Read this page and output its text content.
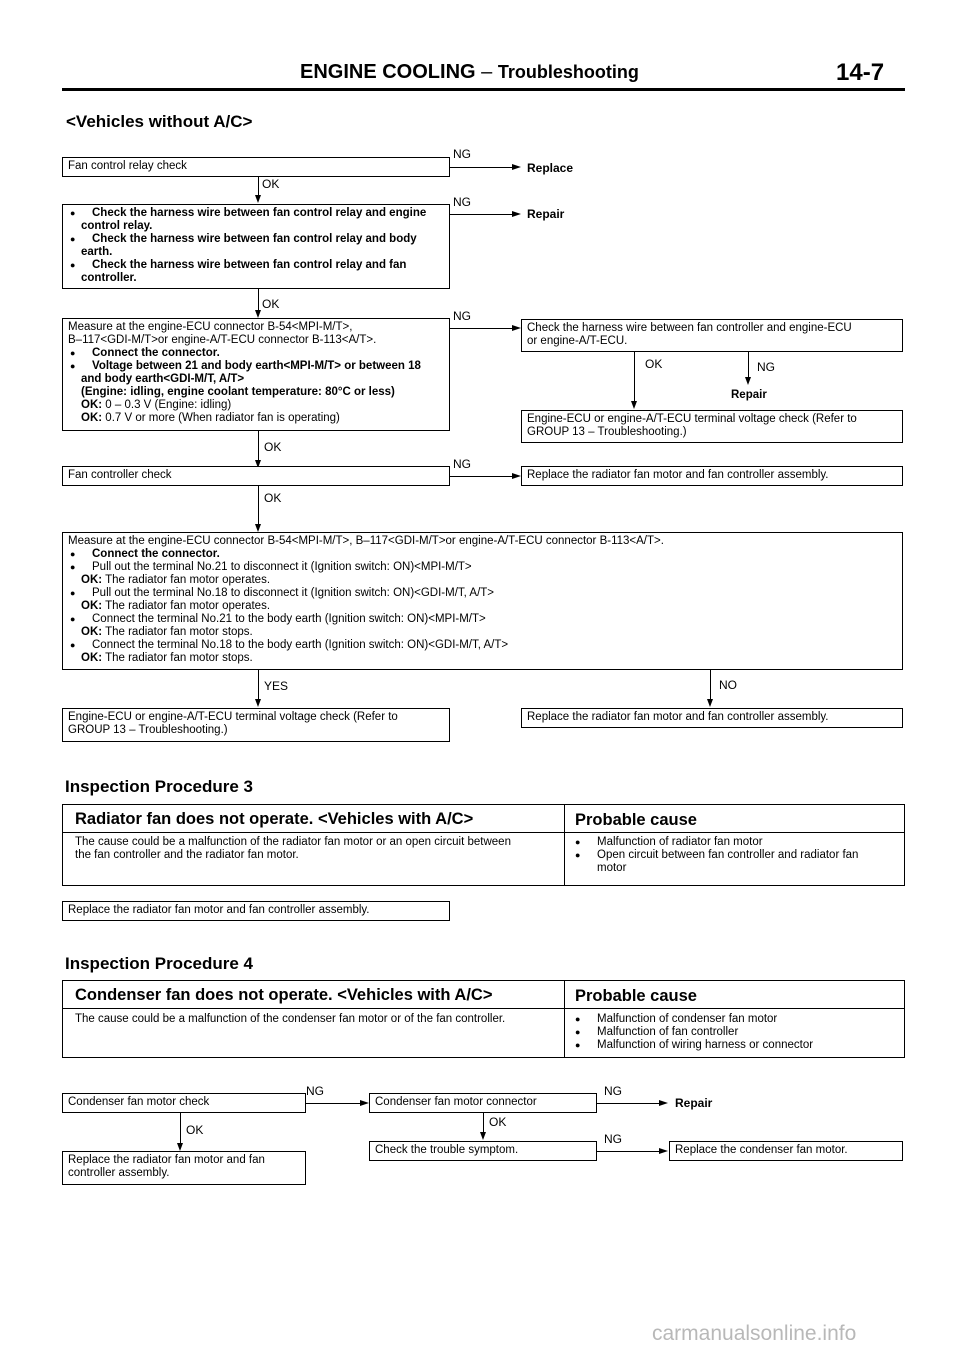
ENGINE COOLING – Troubleshooting	14-7
<Vehicles without A/C>
Fan control relay check
NG
Replace
OK
● Check the harness wire between fan control relay and engine
control relay.
● Check the harness wire between fan control relay and body
earth.
● Check the harness wire between fan control relay and fan
controller.
NG
Repair
OK
Measure at the engine-ECU connector B-54<MPI-M/T>,
B–117<GDI-M/T>or engine-A/T-ECU connector B-113<A/T>.
● Connect the connector.
● Voltage between 21 and body earth<MPI-M/T> or between 18
and body earth<GDI-M/T, A/T>
(Engine: idling, engine coolant temperature: 80°C or less)
OK: 0 – 0.3 V (Engine: idling)
OK: 0.7 V or more (When radiator fan is operating)
NG
Check the harness wire between fan controller and engine-ECU
or engine-A/T-ECU.
OK	NG
Repair
Engine-ECU or engine-A/T-ECU terminal voltage check (Refer to
GROUP 13 – Troubleshooting.)
OK
Fan controller check
NG
Replace the radiator fan motor and fan controller assembly.
OK
Measure at the engine-ECU connector B-54<MPI-M/T>, B–117<GDI-M/T>or engine-A/T-ECU connector B-113<A/T>.
● Connect the connector.
● Pull out the terminal No.21 to disconnect it (Ignition switch: ON)<MPI-M/T>
OK: The radiator fan motor operates.
● Pull out the terminal No.18 to disconnect it (Ignition switch: ON)<GDI-M/T, A/T>
OK: The radiator fan motor operates.
● Connect the terminal No.21 to the body earth (Ignition switch: ON)<MPI-M/T>
OK: The radiator fan motor stops.
● Connect the terminal No.18 to the body earth (Ignition switch: ON)<GDI-M/T, A/T>
OK: The radiator fan motor stops.
YES	NO
Engine-ECU or engine-A/T-ECU terminal voltage check (Refer to
GROUP 13 – Troubleshooting.)
Replace the radiator fan motor and fan controller assembly.
Inspection Procedure 3
Radiator fan does not operate. <Vehicles with A/C>	Probable cause
The cause could be a malfunction of the radiator fan motor or an open circuit between
the fan controller and the radiator fan motor.
● Malfunction of radiator fan motor
● Open circuit between fan controller and radiator fan
motor
Replace the radiator fan motor and fan controller assembly.
Inspection Procedure 4
Condenser fan does not operate. <Vehicles with A/C>	Probable cause
The cause could be a malfunction of the condenser fan motor or of the fan controller.
●	Malfunction of condenser fan motor
● Malfunction of fan controller
● Malfunction of wiring harness or connector
Condenser fan motor check
NG
Condenser fan motor connector
NG
Repair
OK
OK
Replace the radiator fan motor and fan
controller assembly.
Check the trouble symptom.
NG
Replace the condenser fan motor.
carmanualsonline.info
